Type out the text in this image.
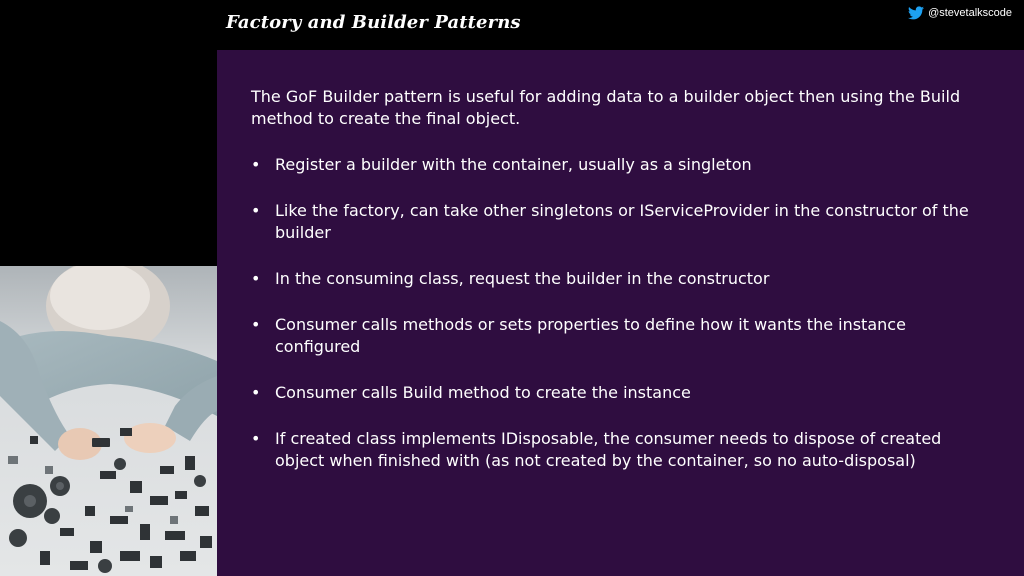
Factory and Builder Patterns	@stevetalkscode

The GoF Builder pattern is useful for adding data to a builder object then using the Build method to create the final object.

• Register a builder with the container, usually as a singleton
• Like the factory, can take other singletons or IServiceProvider in the constructor of the builder
• In the consuming class, request the builder in the constructor
• Consumer calls methods or sets properties to define how it wants the instance configured
• Consumer calls Build method to create the instance
• If created class implements IDisposable, the consumer needs to dispose of created object when finished with (as not created by the container, so no auto-disposal)
